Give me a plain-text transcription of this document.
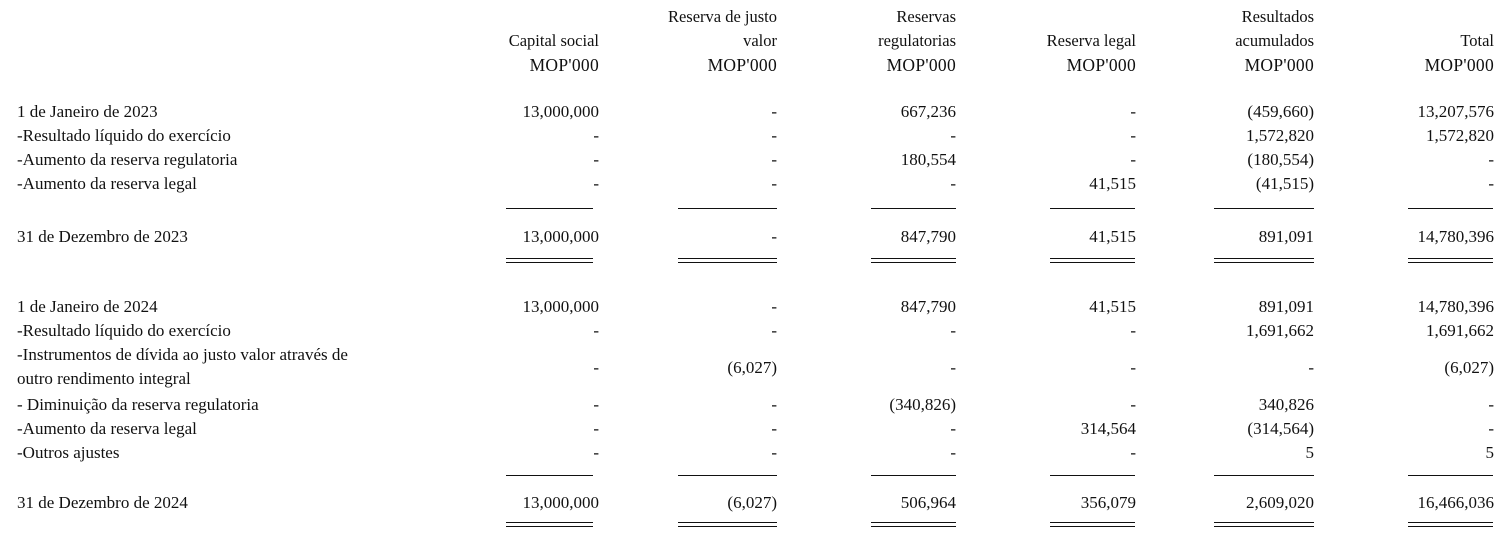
Capital social
MOP'000
Reserva de justo
valor
MOP'000
Reservas
regulatorias
MOP'000

Reserva legal
MOP'000
Resultados
acumulados
MOP'000

Total
MOP'000
1 de Janeiro de 2023	13,000,000	-	667,236	-	(459,660)	13,207,576
-Resultado líquido do exercício	-	-	-	-	1,572,820	1,572,820
-Aumento da reserva regulatoria	-	-	180,554	-	(180,554)	-
-Aumento da reserva legal	-	-	-	41,515	(41,515)	-
31 de Dezembro de 2023	13,000,000	-	847,790	41,515	891,091	14,780,396
1 de Janeiro de 2024	13,000,000	-	847,790	41,515	891,091	14,780,396
-Resultado líquido do exercício	-	-	-	-	1,691,662	1,691,662
-Instrumentos de dívida ao justo valor através de
outro rendimento integral
-	(6,027)	-	-	-	(6,027)
- Diminuição da reserva regulatoria	-	-	(340,826)	-	340,826	-
-Aumento da reserva legal	-	-	-	314,564	(314,564)	-
-Outros ajustes	-	-	-	-	5	5
31 de Dezembro de 2024	13,000,000	(6,027)	506,964	356,079	2,609,020	16,466,036
